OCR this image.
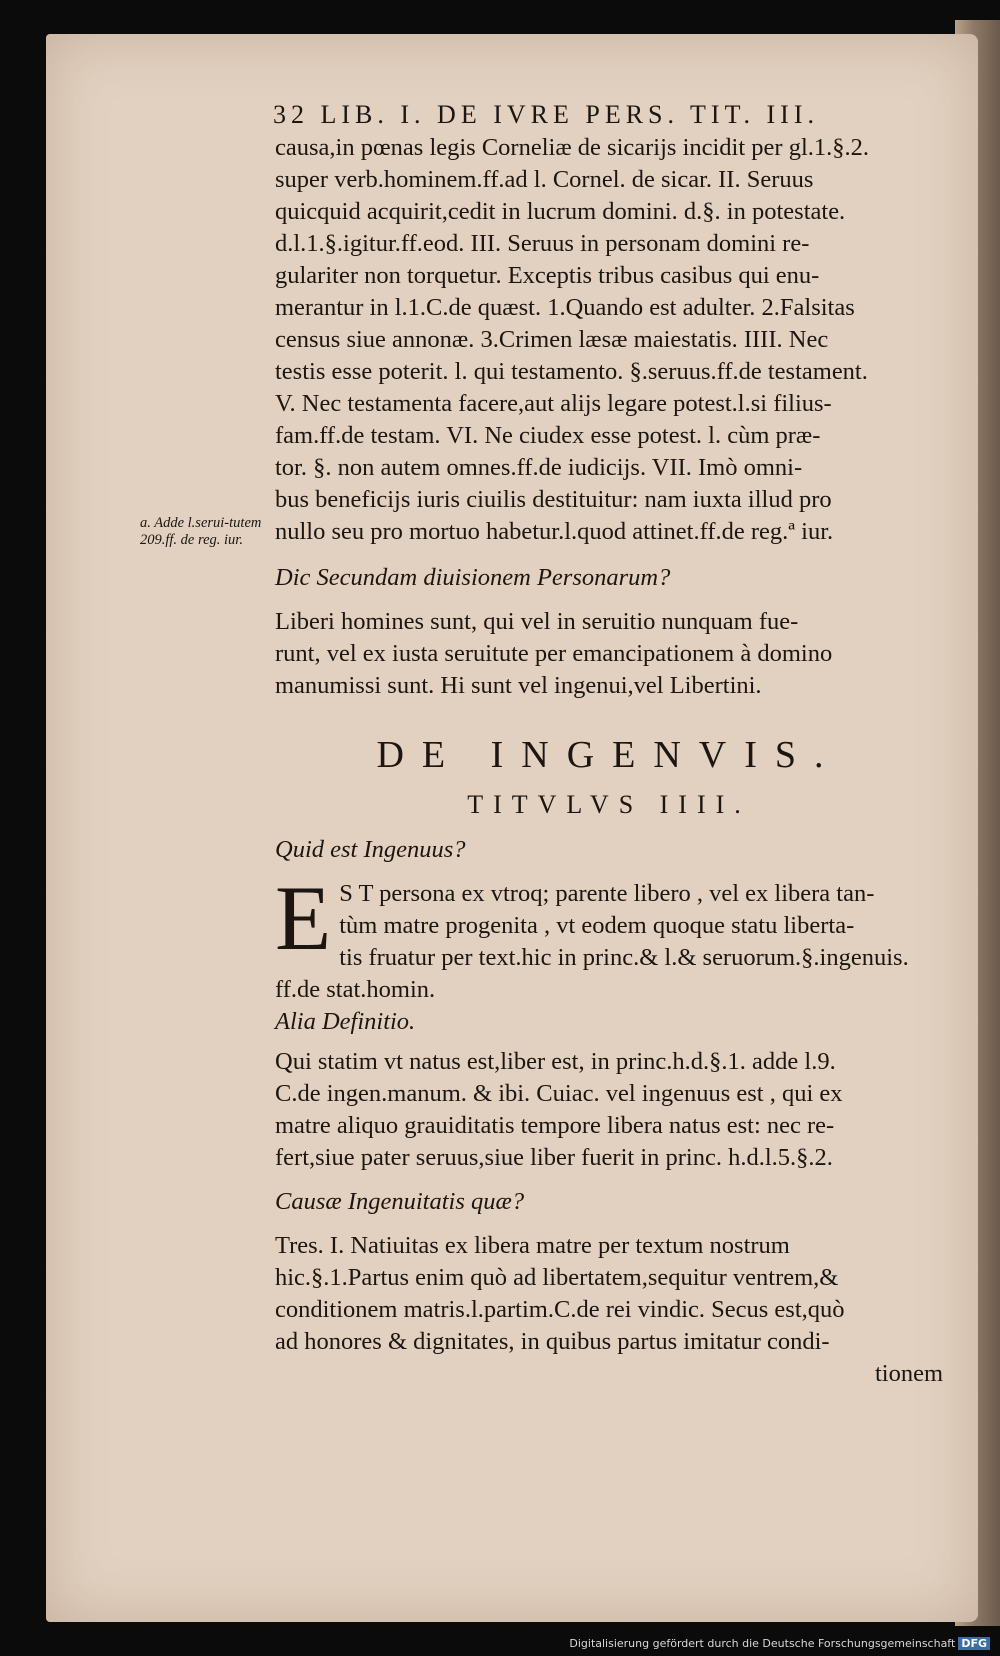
32 LIB. I. DE IVRE PERS. TIT. III.

causa,in pœnas legis Corneliæ de sicarijs incidit per gl.1.§.2.

super verb.hominem.ff.ad l. Cornel. de sicar. II. Seruus

quicquid acquirit,cedit in lucrum domini. d.§. in potestate.

d.l.1.§.igitur.ff.eod. III. Seruus in personam domini re-

gulariter non torquetur. Exceptis tribus casibus qui enu-

merantur in l.1.C.de quæst. 1.Quando est adulter. 2.Falsitas

census siue annonæ. 3.Crimen læsæ maiestatis. IIII. Nec

testis esse poterit. l. qui testamento. §.seruus.ff.de testament.

V. Nec testamenta facere,aut alijs legare potest.l.si filius-

fam.ff.de testam. VI. Ne ciudex esse potest. l. cùm præ-

tor. §. non autem omnes.ff.de iudicijs. VII. Imò omni-

bus beneficijs iuris ciuilis destituitur: nam iuxta illud pro

nullo seu pro mortuo habetur.l.quod attinet.ff.de reg.ª iur.

a. Adde l.serui-tutem 209.ff. de reg. iur.

Dic Secundam diuisionem Personarum?

Liberi homines sunt, qui vel in seruitio nunquam fue-

runt, vel ex iusta seruitute per emancipationem à domino

manumissi sunt. Hi sunt vel ingenui,vel Libertini.

DE INGENVIS.
TITVLVS IIII.

Quid est Ingenuus?

E S T persona ex vtroq; parente libero , vel ex libera tan-

tùm matre progenita , vt eodem quoque statu liberta-

tis fruatur per text.hic in princ.& l.& seruorum.§.ingenuis.

ff.de stat.homin.

Alia Definitio.

Qui statim vt natus est,liber est, in princ.h.d.§.1. adde l.9.

C.de ingen.manum. & ibi. Cuiac. vel ingenuus est , qui ex

matre aliquo grauiditatis tempore libera natus est: nec re-

fert,siue pater seruus,siue liber fuerit in princ. h.d.l.5.§.2.

Causæ Ingenuitatis quæ?

Tres. I. Natiuitas ex libera matre per textum nostrum

hic.§.1.Partus enim quò ad libertatem,sequitur ventrem,&

conditionem matris.l.partim.C.de rei vindic. Secus est,quò

ad honores & dignitates, in quibus partus imitatur condi-

tionem

Digitalisierung gefördert durch die Deutsche Forschungsgemeinschaft DFG
